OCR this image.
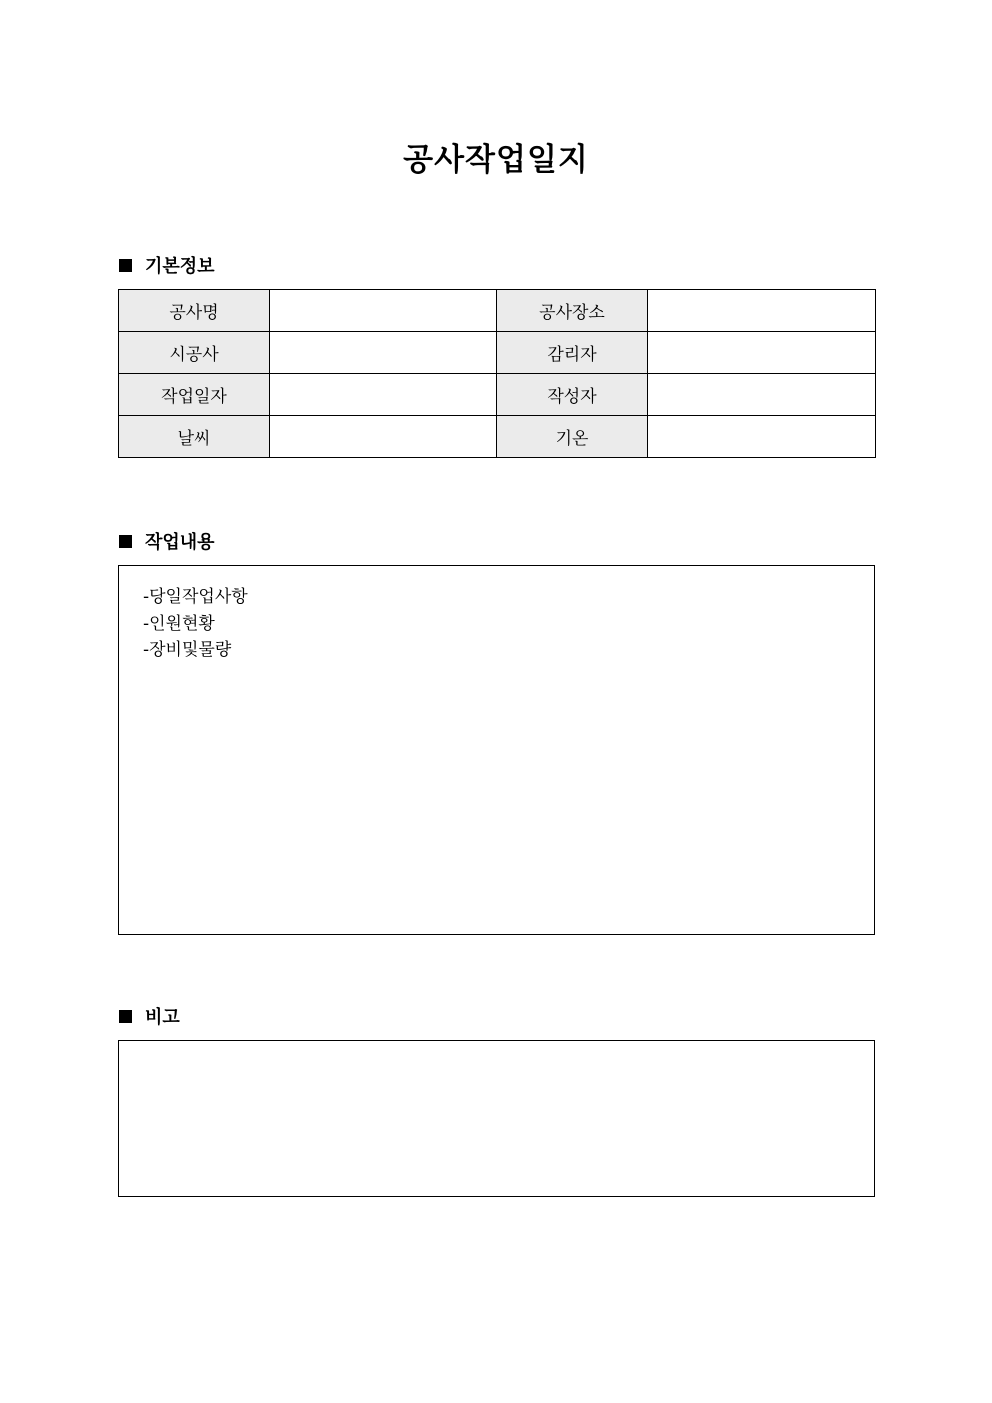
공사작업일지
기본정보
공사명		공사장소	
시공사		감리자	
작업일자		작성자	
날씨		기온	
작업내용
-당일작업사항
-인원현황
-장비및물량
비고
